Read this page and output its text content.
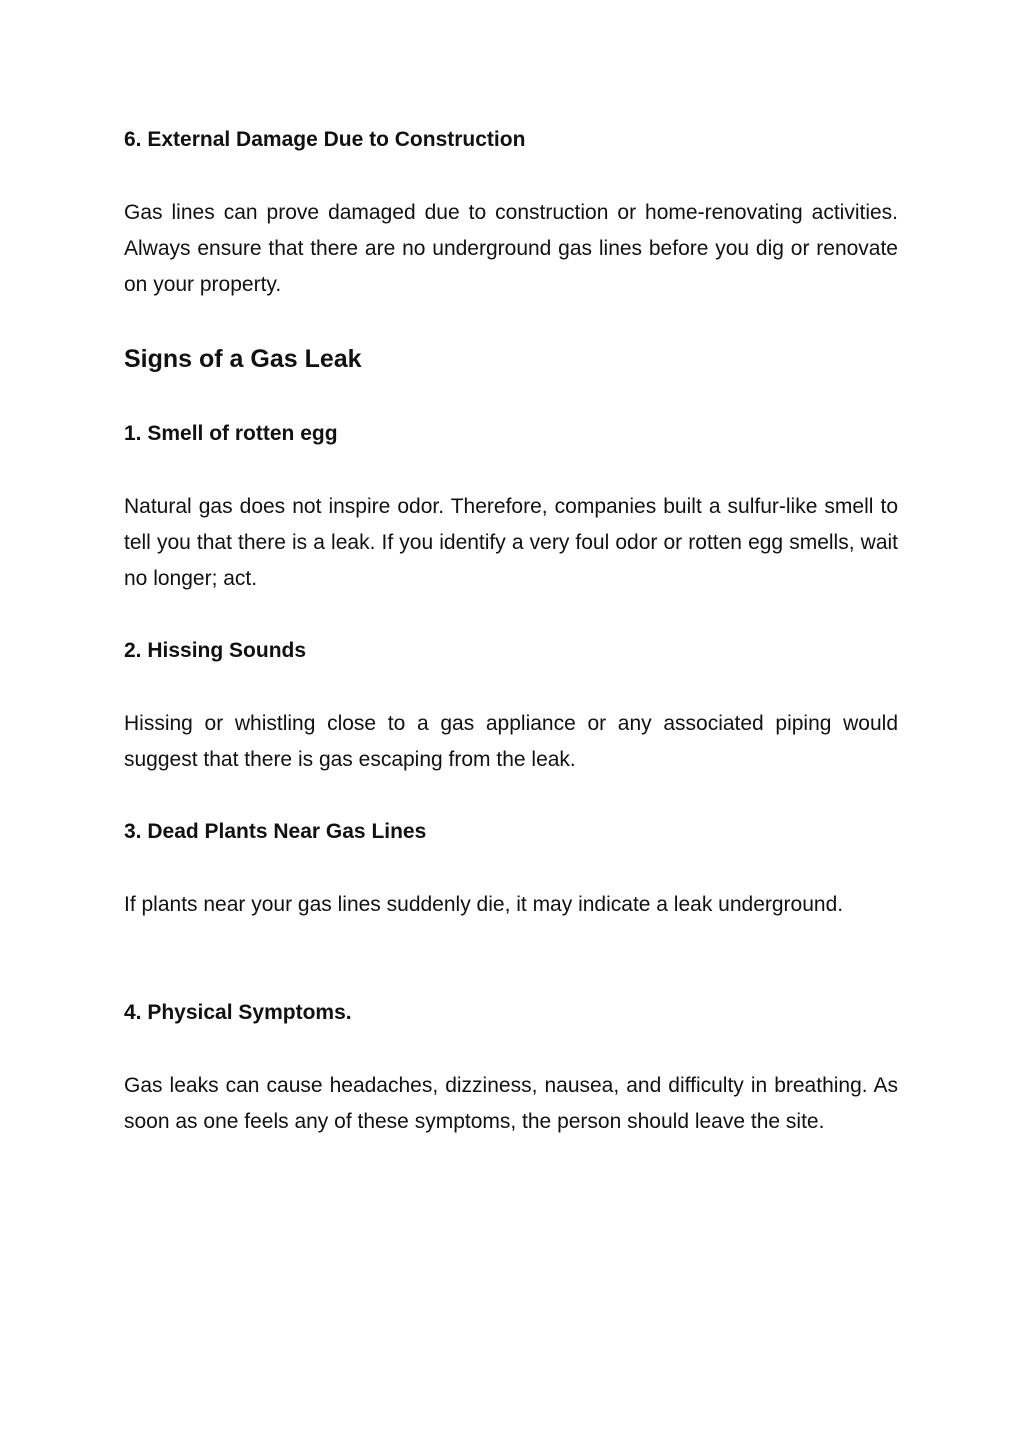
6. External Damage Due to Construction

Gas lines can prove damaged due to construction or home-renovating activities. Always ensure that there are no underground gas lines before you dig or renovate on your property.

Signs of a Gas Leak
1. Smell of rotten egg

Natural gas does not inspire odor. Therefore, companies built a sulfur-like smell to tell you that there is a leak. If you identify a very foul odor or rotten egg smells, wait no longer; act.

2. Hissing Sounds

Hissing or whistling close to a gas appliance or any associated piping would suggest that there is gas escaping from the leak.

3. Dead Plants Near Gas Lines

If plants near your gas lines suddenly die, it may indicate a leak underground.

4. Physical Symptoms.

Gas leaks can cause headaches, dizziness, nausea, and difficulty in breathing. As soon as one feels any of these symptoms, the person should leave the site.
